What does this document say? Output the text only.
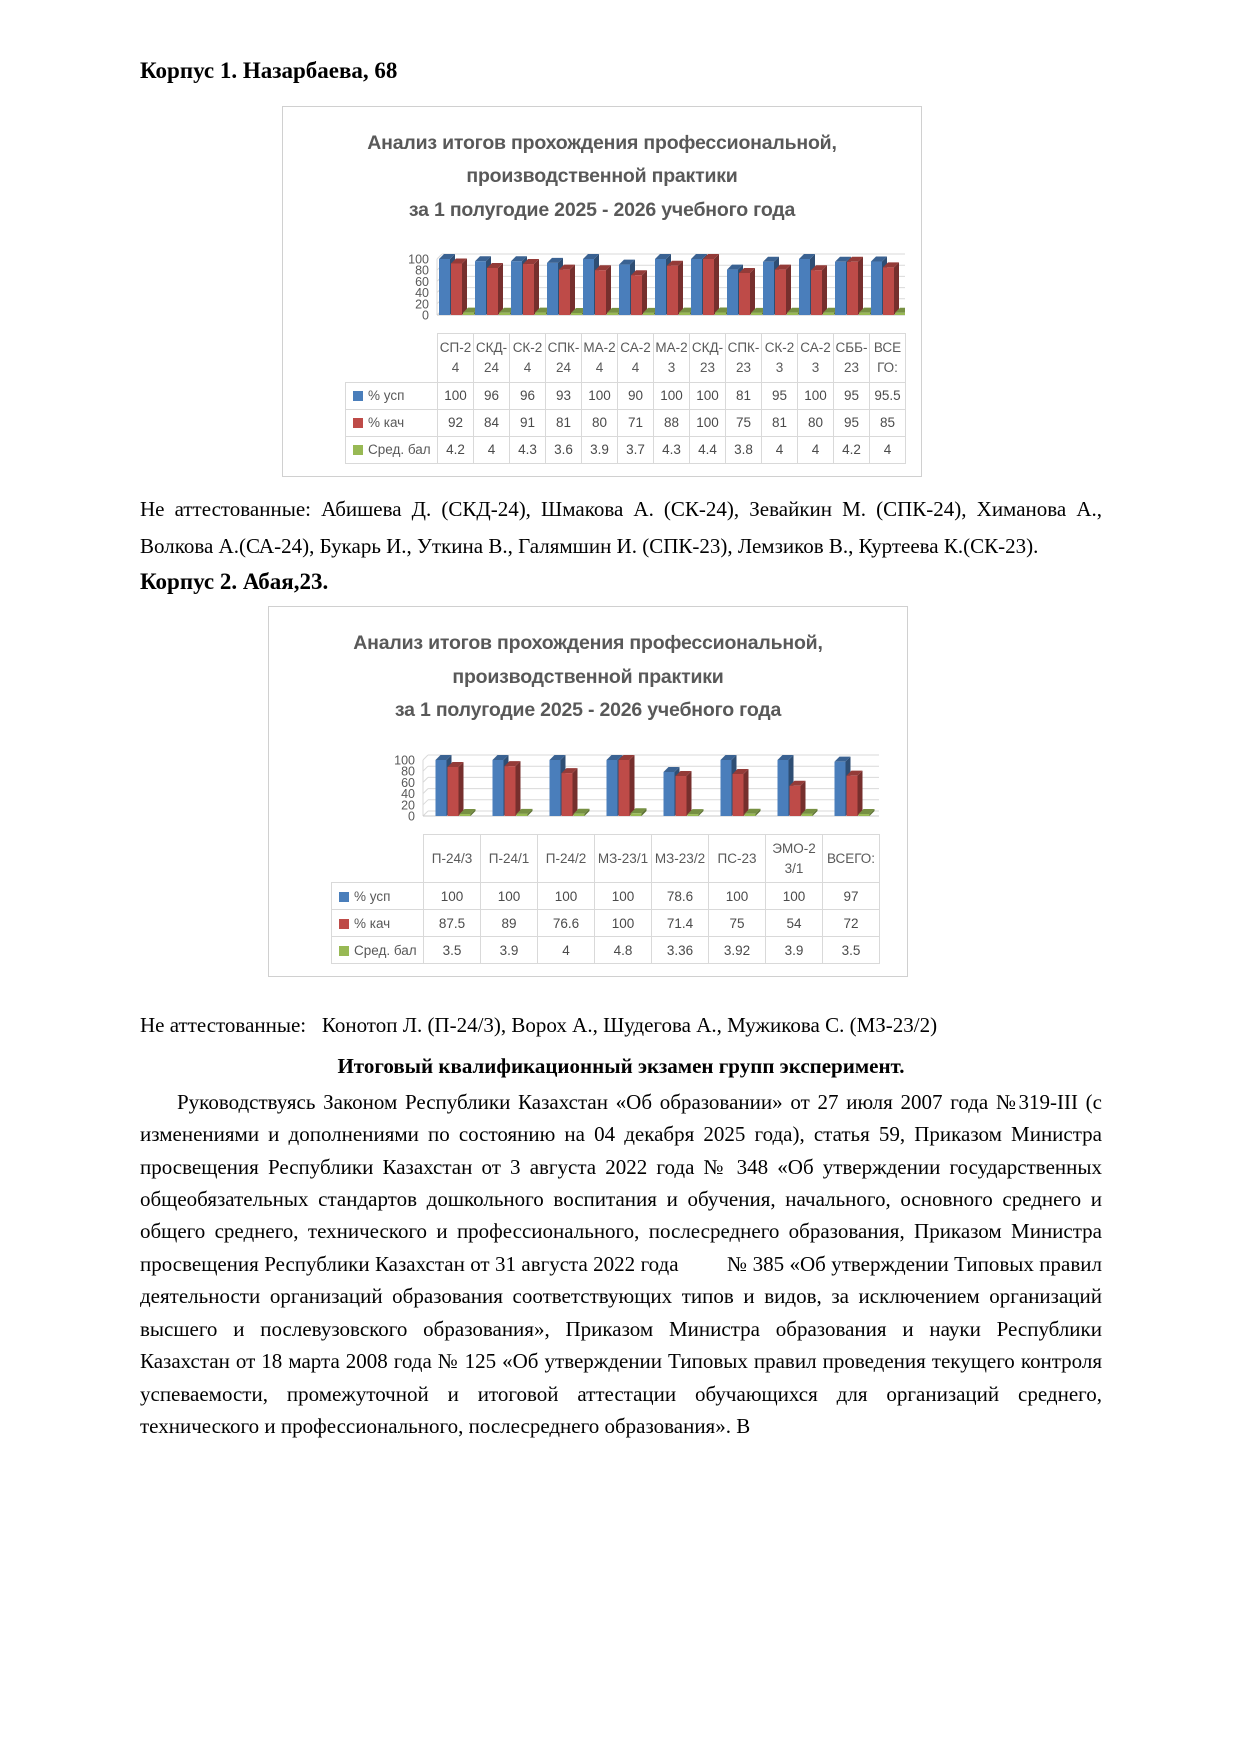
Корпус 1. Назарбаева, 68

Анализ итогов прохождения профессиональной,
производственной практики
за 1 полугодие 2025 - 2026 учебного года
0
20
40
60
80
100
	СП-24	СКД-24	СК-24	СПК-24	МА-24	СА-24	МА-23	СКД-23	СПК-23	СК-23	СА-23	СББ-23	ВСЕГО:
% усп	100	96	96	93	100	90	100	100	81	95	100	95	95.5
% кач	92	84	91	81	80	71	88	100	75	81	80	95	85
Сред. бал	4.2	4	4.3	3.6	3.9	3.7	4.3	4.4	3.8	4	4	4.2	4

Не аттестованные: Абишева Д. (СКД-24), Шмакова А. (СК-24), Зевайкин М. (СПК-24), Химанова А., Волкова А.(СА-24), Букарь И., Уткина В., Галямшин И. (СПК-23), Лемзиков В., Куртеева К.(СК-23).

Корпус 2. Абая,23.

Анализ итогов прохождения профессиональной,
производственной практики
за 1 полугодие 2025 - 2026 учебного года
0
20
40
60
80
100
	П-24/3	П-24/1	П-24/2	МЗ-23/1	МЗ-23/2	ПС-23	ЭМО-23/1	ВСЕГО:
% усп	100	100	100	100	78.6	100	100	97
% кач	87.5	89	76.6	100	71.4	75	54	72
Сред. бал	3.5	3.9	4	4.8	3.36	3.92	3.9	3.5

Не аттестованные:   Конотоп Л. (П-24/3), Ворох А., Шудегова А., Мужикова С. (МЗ-23/2)

Итоговый квалификационный экзамен групп эксперимент.

Руководствуясь Законом Республики Казахстан «Об образовании» от 27 июля 2007 года №319-III (с изменениями и дополнениями по состоянию на 04 декабря 2025 года), статья 59, Приказом Министра просвещения Республики Казахстан от 3 августа 2022 года № 348 «Об утверждении государственных общеобязательных стандартов дошкольного воспитания и обучения, начального, основного среднего и общего среднего, технического и профессионального, послесреднего образования, Приказом Министра просвещения Республики Казахстан от 31 августа 2022 года         № 385 «Об утверждении Типовых правил деятельности организаций образования соответствующих типов и видов, за исключением организаций высшего и послевузовского образования», Приказом Министра образования и науки Республики Казахстан от 18 марта 2008 года № 125 «Об утверждении Типовых правил проведения текущего контроля успеваемости, промежуточной и итоговой аттестации обучающихся для организаций среднего, технического и профессионального, послесреднего образования». В
